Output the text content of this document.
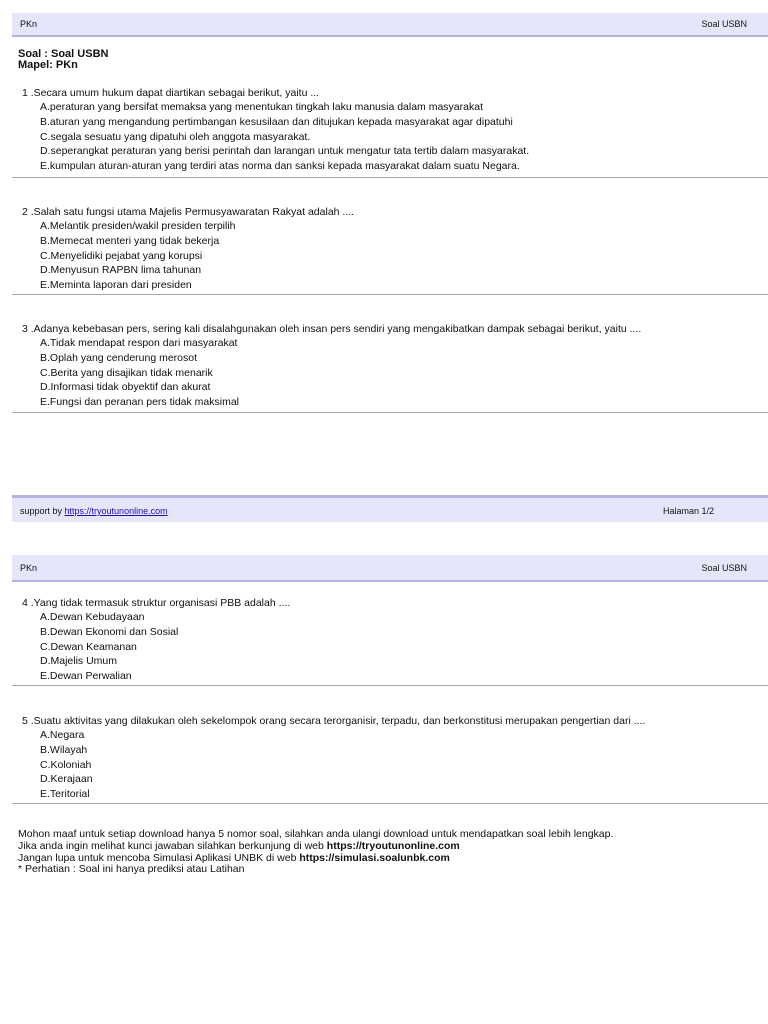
PKn	Soal USBN
Soal : Soal USBN
Mapel: PKn
1 .Secara umum hukum dapat diartikan sebagai berikut, yaitu ...
A.peraturan yang bersifat memaksa yang menentukan tingkah laku manusia dalam masyarakat
B.aturan yang mengandung pertimbangan kesusilaan dan ditujukan kepada masyarakat agar dipatuhi
C.segala sesuatu yang dipatuhi oleh anggota masyarakat.
D.seperangkat peraturan yang berisi perintah dan larangan untuk mengatur tata tertib dalam masyarakat.
E.kumpulan aturan-aturan yang terdiri atas norma dan sanksi kepada masyarakat dalam suatu Negara.
2 .Salah satu fungsi utama Majelis Permusyawaratan Rakyat adalah ....
A.Melantik presiden/wakil presiden terpilih
B.Memecat menteri yang tidak bekerja
C.Menyelidiki pejabat yang korupsi
D.Menyusun RAPBN lima tahunan
E.Meminta laporan dari presiden
3 .Adanya kebebasan pers, sering kali disalahgunakan oleh insan pers sendiri yang mengakibatkan dampak sebagai berikut, yaitu ....
A.Tidak mendapat respon dari masyarakat
B.Oplah yang cenderung merosot
C.Berita yang disajikan tidak menarik
D.Informasi tidak obyektif dan akurat
E.Fungsi dan peranan pers tidak maksimal
support by https://tryoutunonline.com	Halaman 1/2
PKn	Soal USBN
4 .Yang tidak termasuk struktur organisasi PBB adalah ....
A.Dewan Kebudayaan
B.Dewan Ekonomi dan Sosial
C.Dewan Keamanan
D.Majelis Umum
E.Dewan Perwalian
5 .Suatu aktivitas yang dilakukan oleh sekelompok orang secara terorganisir, terpadu, dan berkonstitusi merupakan pengertian dari ....
A.Negara
B.Wilayah
C.Koloniah
D.Kerajaan
E.Teritorial
Mohon maaf untuk setiap download hanya 5 nomor soal, silahkan anda ulangi download untuk mendapatkan soal lebih lengkap.
Jika anda ingin melihat kunci jawaban silahkan berkunjung di web https://tryoutunonline.com
Jangan lupa untuk mencoba Simulasi Aplikasi UNBK di web https://simulasi.soalunbk.com
* Perhatian : Soal ini hanya prediksi atau Latihan
